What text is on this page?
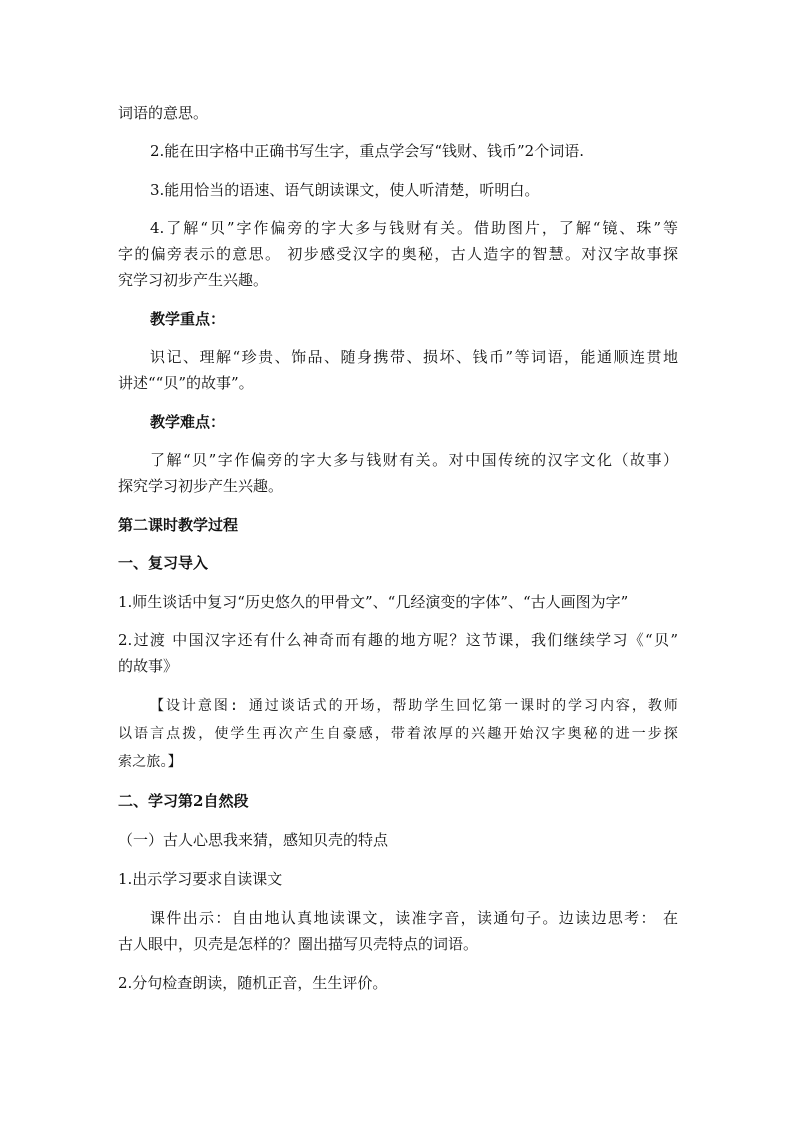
词语的意思。
2.能在田字格中正确书写生字，重点学会写“钱财、钱币”2个词语.
3.能用恰当的语速、语气朗读课文，使人听清楚，听明白。
4.了解“贝”字作偏旁的字大多与钱财有关。借助图片，了解“镜、珠”等
字的偏旁表示的意思。 初步感受汉字的奥秘，古人造字的智慧。对汉字故事探
究学习初步产生兴趣。
教学重点：
识记、理解“珍贵、饰品、随身携带、损坏、钱币”等词语，能通顺连贯地
讲述““贝”的故事”。
教学难点：
了解“贝”字作偏旁的字大多与钱财有关。对中国传统的汉字文化（故事）
探究学习初步产生兴趣。
第二课时教学过程
一、复习导入
1.师生谈话中复习“历史悠久的甲骨文”、“几经演变的字体”、“古人画图为字”
2.过渡 中国汉字还有什么神奇而有趣的地方呢？这节课，我们继续学习《“贝”
的故事》
【设计意图: 通过谈话式的开场，帮助学生回忆第一课时的学习内容，教师
以语言点拨，使学生再次产生自豪感，带着浓厚的兴趣开始汉字奥秘的进一步探
索之旅。】
二、学习第2自然段
（一）古人心思我来猜，感知贝壳的特点
1.出示学习要求自读课文
课件出示：自由地认真地读课文，读准字音，读通句子。边读边思考： 在
古人眼中，贝壳是怎样的？圈出描写贝壳特点的词语。
2.分句检查朗读，随机正音，生生评价。
